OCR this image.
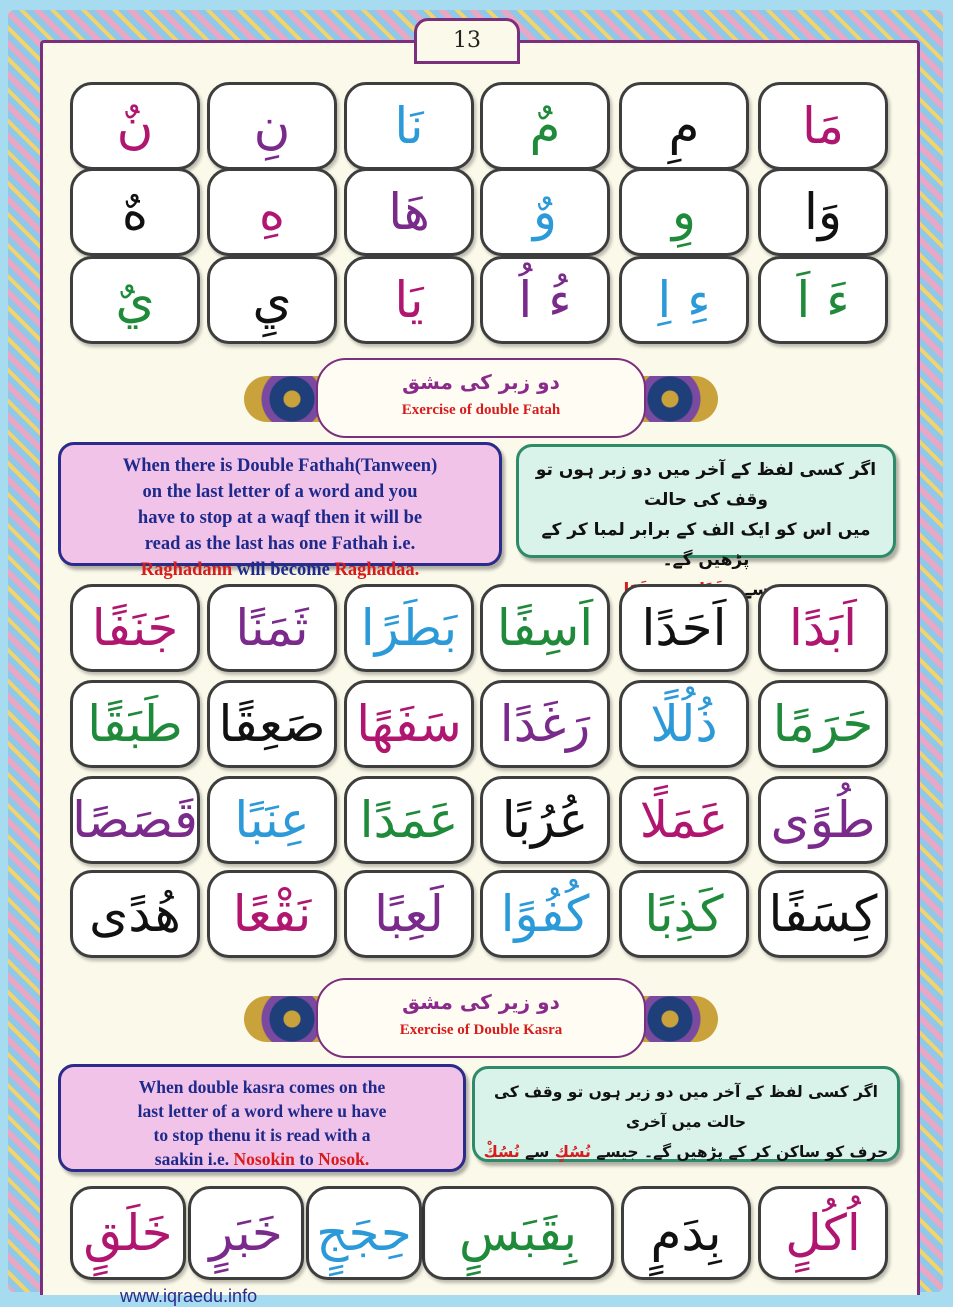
13
مَا
مِ
مٌ
نَا
نِ
نٌ
وَا
وِ
وٌ
هَا
هِ
هٌ
ءَ اَ
ءِ اِ
ءُ اُ
يَا
يِ
يٌ
دو زبر کی مشق
Exercise of double Fatah
When there is Double Fathah(Tanween)
on the last letter of a word and you
have to stop at a waqf then it will be
read as the last has one Fathah i.e.
Raghadann will become Raghadaa.
اگر کسی لفظ کے آخر میں دو زبر ہوں تو وقف کی حالت
میں اس کو ایک الف کے برابر لمبا کر کے پڑھیں گے۔
اَبَدًا
اَحَدًا
اَسِفًا
بَطَرًا
ثَمَنًا
جَنَفًا
حَرَمًا
ذُلُلًا
رَغَدًا
سَفَهًا
صَعِقًا
طَبَقًا
طُوًى
عَمَلًا
عُرُبًا
عَمَدًا
عِنَبًا
قَصَصًا
كِسَفًا
كَذِبًا
كُفُوًا
لَعِبًا
نَقْعًا
هُدًى
دو زیر کی مشق
Exercise of Double Kasra
When double kasra comes on the
last letter of a word where u have
to stop thenu it is read with a
saakin i.e. Nosokin to Nosok.
اگر کسی لفظ کے آخر میں دو زیر ہوں تو وقف کی حالت میں آخری
حرف کو ساکن کر کے پڑھیں گے۔ جیسے نُسُكٍ سے نُسُكْ
اُكُلٍ
بِدَمٍ
بِقَبَسٍ
حِجَجٍ
خَبَرٍ
خَلَقٍ
www.iqraedu.info
